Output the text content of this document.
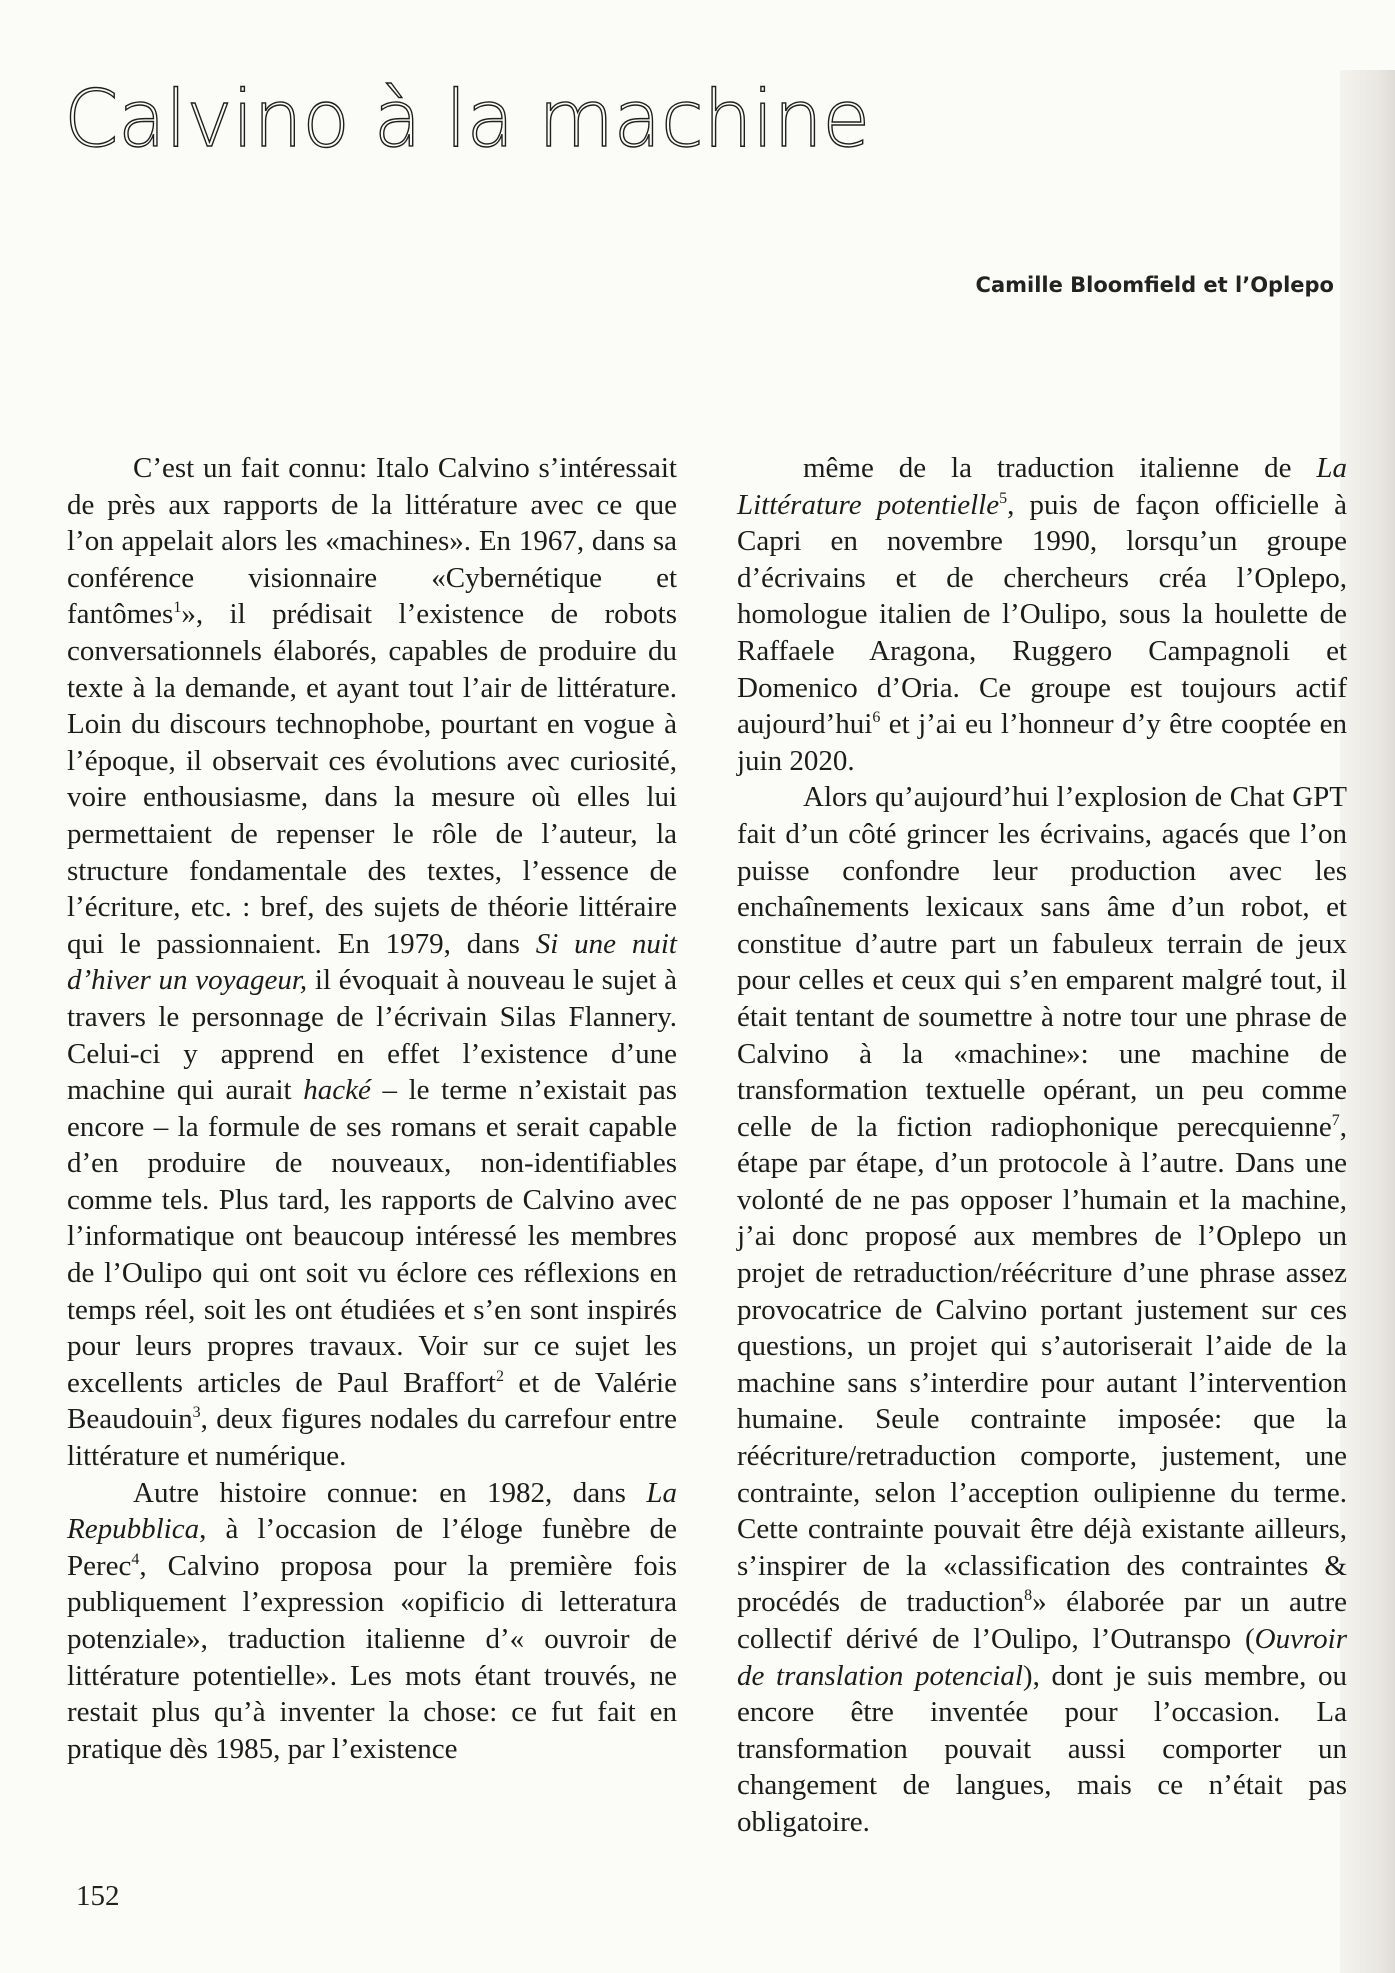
Calvino à la machine
Camille Bloomfield et l’Oplepo

C’est un fait connu: Italo Calvino s’intéressait de près aux rapports de la littérature avec ce que l’on appelait alors les «machines». En 1967, dans sa conférence visionnaire «Cybernétique et fantômes$^1$», il prédisait l’existence de robots conversationnels élaborés, capables de produire du texte à la demande, et ayant tout l’air de littérature. Loin du discours technophobe, pourtant en vogue à l’époque, il observait ces évolutions avec curiosité, voire enthousiasme, dans la mesure où elles lui permettaient de repenser le rôle de l’auteur, la structure fondamentale des textes, l’essence de l’écriture, etc. : bref, des sujets de théorie littéraire qui le passionnaient. En 1979, dans Si une nuit d’hiver un voyageur, il évoquait à nouveau le sujet à travers le personnage de l’écrivain Silas Flannery. Celui-ci y apprend en effet l’existence d’une machine qui aurait hacké – le terme n’existait pas encore – la formule de ses romans et serait capable d’en produire de nouveaux, non-identifiables comme tels. Plus tard, les rapports de Calvino avec l’informatique ont beaucoup intéressé les membres de l’Oulipo qui ont soit vu éclore ces réflexions en temps réel, soit les ont étudiées et s’en sont inspirés pour leurs propres travaux. Voir sur ce sujet les excellents articles de Paul Braffort$^2$ et de Valérie Beaudouin$^3$, deux figures nodales du carrefour entre littérature et numérique.

Autre histoire connue: en 1982, dans La Repubblica, à l’occasion de l’éloge funèbre de Perec$^4$, Calvino proposa pour la première fois publiquement l’expression «opificio di letteratura potenziale», traduction italienne d’« ouvroir de littérature potentielle». Les mots étant trouvés, ne restait plus qu’à inventer la chose: ce fut fait en pratique dès 1985, par l’existence

même de la traduction italienne de La Littérature potentielle$^5$, puis de façon officielle à Capri en novembre 1990, lorsqu’un groupe d’écrivains et de chercheurs créa l’Oplepo, homologue italien de l’Oulipo, sous la houlette de Raffaele Aragona, Ruggero Campagnoli et Domenico d’Oria. Ce groupe est toujours actif aujourd’hui$^6$ et j’ai eu l’honneur d’y être cooptée en juin 2020.

Alors qu’aujourd’hui l’explosion de Chat GPT fait d’un côté grincer les écrivains, agacés que l’on puisse confondre leur production avec les enchaînements lexicaux sans âme d’un robot, et constitue d’autre part un fabuleux terrain de jeux pour celles et ceux qui s’en emparent malgré tout, il était tentant de soumettre à notre tour une phrase de Calvino à la «machine»: une machine de transformation textuelle opérant, un peu comme celle de la fiction radiophonique perecquienne$^7$, étape par étape, d’un protocole à l’autre. Dans une volonté de ne pas opposer l’humain et la machine, j’ai donc proposé aux membres de l’Oplepo un projet de retraduction/réécriture d’une phrase assez provocatrice de Calvino portant justement sur ces questions, un projet qui s’autoriserait l’aide de la machine sans s’interdire pour autant l’intervention humaine. Seule contrainte imposée: que la réécriture/retraduction comporte, justement, une contrainte, selon l’acception oulipienne du terme. Cette contrainte pouvait être déjà existante ailleurs, s’inspirer de la «classification des contraintes & procédés de traduction$^8$» élaborée par un autre collectif dérivé de l’Oulipo, l’Outranspo (Ouvroir de translation potencial), dont je suis membre, ou encore être inventée pour l’occasion. La transformation pouvait aussi comporter un changement de langues, mais ce n’était pas obligatoire.

152
